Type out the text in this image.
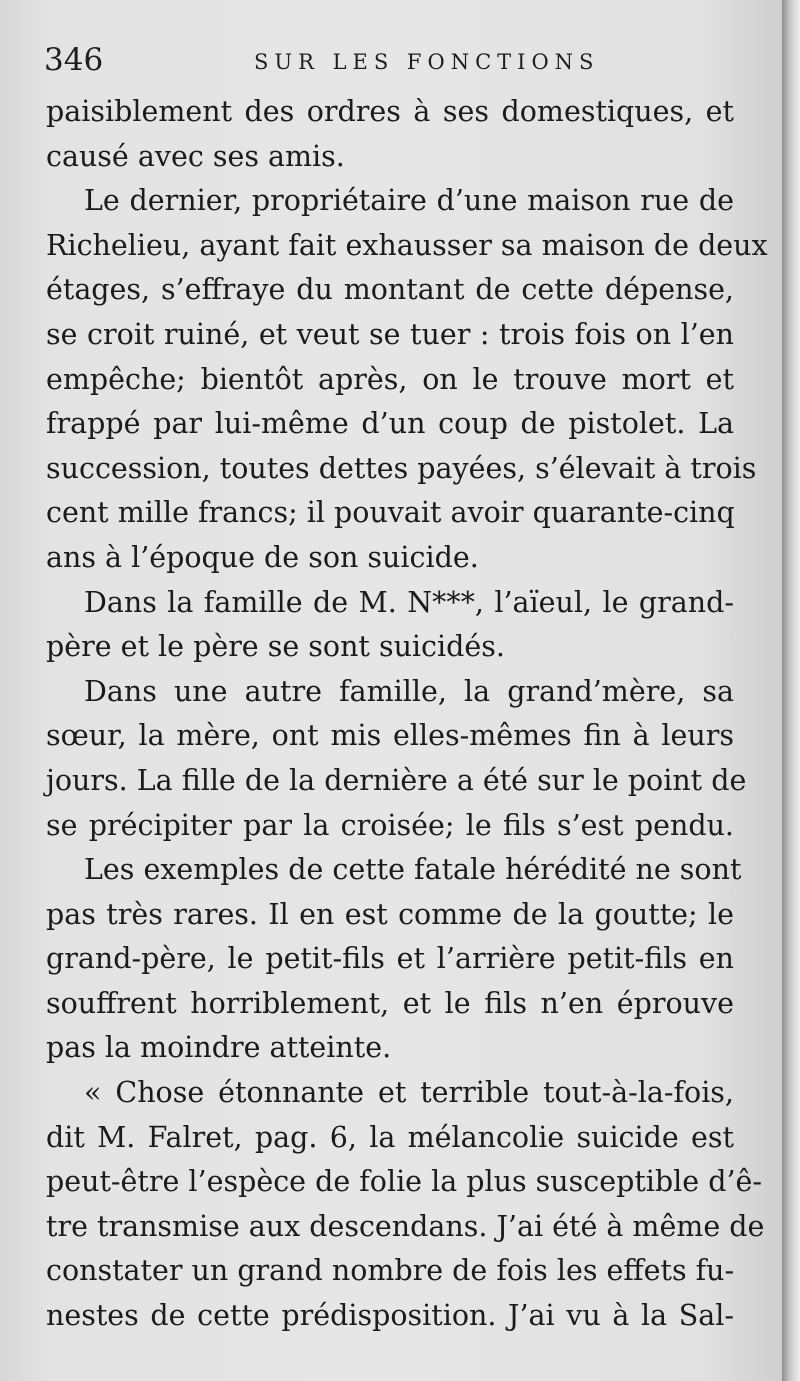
346	SUR LES FONCTIONS
paisiblement des ordres à ses domestiques, et
causé avec ses amis.
Le dernier, propriétaire d’une maison rue de
Richelieu, ayant fait exhausser sa maison de deux
étages, s’effraye du montant de cette dépense,
se croit ruiné, et veut se tuer : trois fois on l’en
empêche; bientôt après, on le trouve mort et
frappé par lui-même d’un coup de pistolet. La
succession, toutes dettes payées, s’élevait à trois
cent mille francs; il pouvait avoir quarante-cinq
ans à l’époque de son suicide.
Dans la famille de M. N***, l’aïeul, le grand-
père et le père se sont suicidés.
Dans une autre famille, la grand’mère, sa
sœur, la mère, ont mis elles-mêmes fin à leurs
jours. La fille de la dernière a été sur le point de
se précipiter par la croisée; le fils s’est pendu.
Les exemples de cette fatale hérédité ne sont
pas très rares. Il en est comme de la goutte; le
grand-père, le petit-fils et l’arrière petit-fils en
souffrent horriblement, et le fils n’en éprouve
pas la moindre atteinte.
« Chose étonnante et terrible tout-à-la-fois,
dit M. Falret, pag. 6, la mélancolie suicide est
peut-être l’espèce de folie la plus susceptible d’ê-
tre transmise aux descendans. J’ai été à même de
constater un grand nombre de fois les effets fu-
nestes de cette prédisposition. J’ai vu à la Sal-
